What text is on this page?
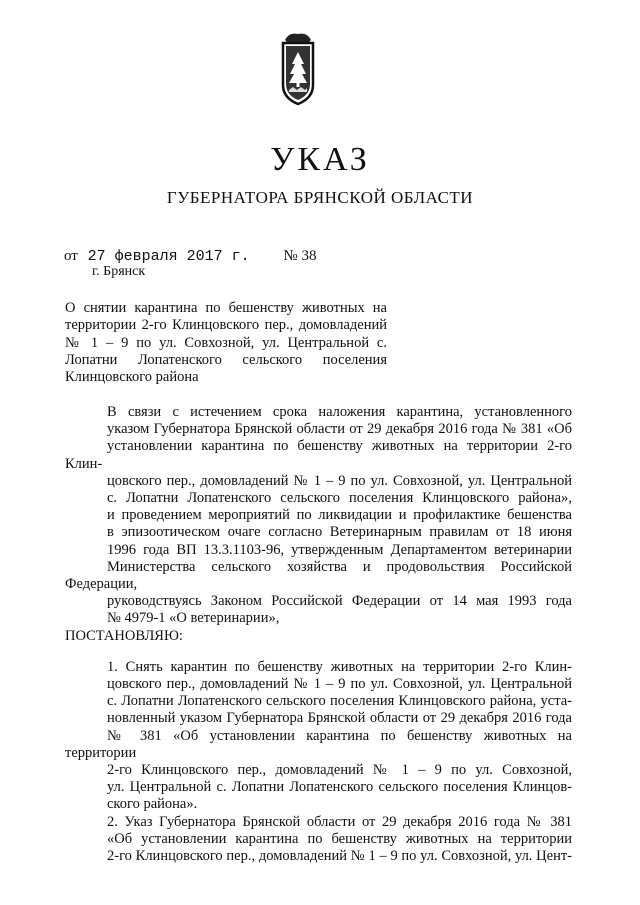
УКАЗ
ГУБЕРНАТОРА БРЯНСКОЙ ОБЛАСТИ
от 27 февраля 2017 г. № 38
г. Брянск
О снятии карантина по бешенству животных на территории 2-го Клинцовского пер., домовладений № 1 – 9 по ул. Совхозной, ул. Центральной с. Лопатни Лопатенского сельского поселения Клинцовского района

В связи с истечением срока наложения карантина, установленного
указом Губернатора Брянской области от 29 декабря 2016 года № 381 «Об
установлении карантина по бешенству животных на территории 2-го Клин-
цовского пер., домовладений № 1 – 9 по ул. Совхозной, ул. Центральной
с. Лопатни Лопатенского сельского поселения Клинцовского района»,
и проведением мероприятий по ликвидации и профилактике бешенства
в эпизоотическом очаге согласно Ветеринарным правилам от 18 июня
1996 года ВП 13.3.1103-96, утвержденным Департаментом ветеринарии
Министерства сельского хозяйства и продовольствия Российской Федерации,
руководствуясь Законом Российской Федерации от 14 мая 1993 года
№ 4979-1 «О ветеринарии»,

ПОСТАНОВЛЯЮ:

1. Снять карантин по бешенству животных на территории 2-го Клин-
цовского пер., домовладений № 1 – 9 по ул. Совхозной, ул. Центральной
с. Лопатни Лопатенского сельского поселения Клинцовского района, уста-
новленный указом Губернатора Брянской области от 29 декабря 2016 года
№ 381 «Об установлении карантина по бешенству животных на территории
2-го Клинцовского пер., домовладений № 1 – 9 по ул. Совхозной,
ул. Центральной с. Лопатни Лопатенского сельского поселения Клинцов-
ского района».

2. Указ Губернатора Брянской области от 29 декабря 2016 года № 381
«Об установлении карантина по бешенству животных на территории
2-го Клинцовского пер., домовладений № 1 – 9 по ул. Совхозной, ул. Цент-
